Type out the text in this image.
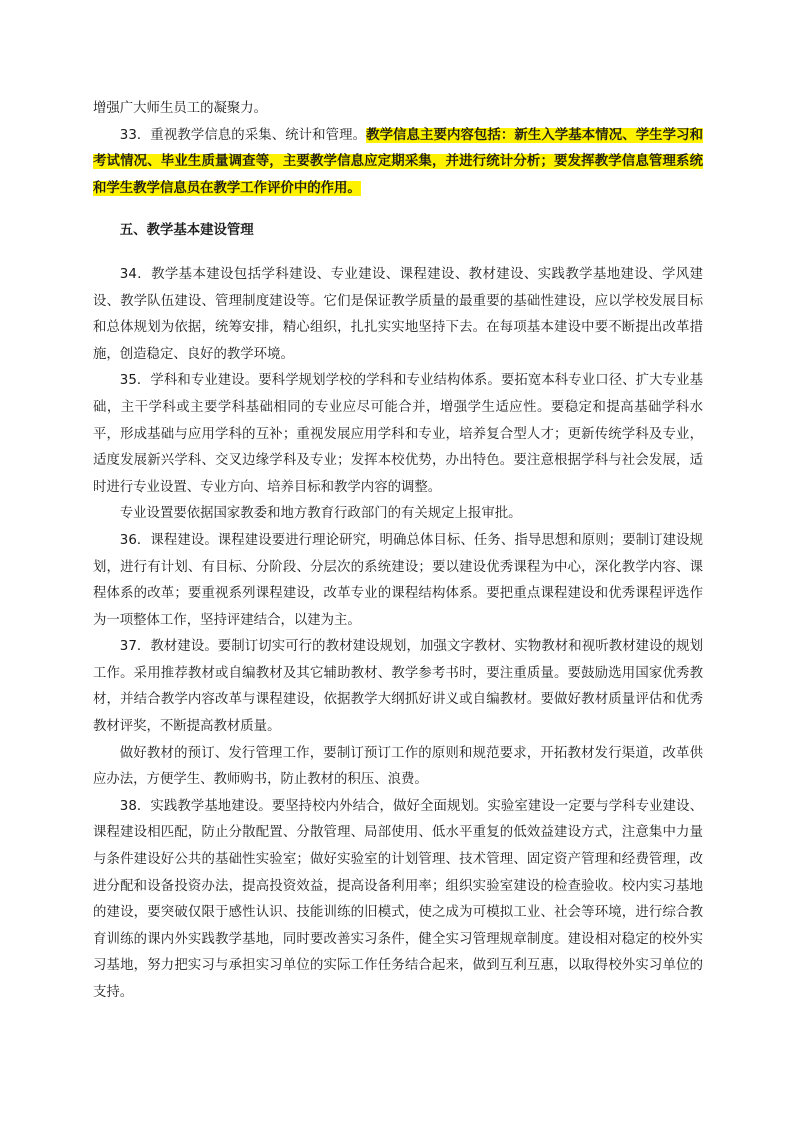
增强广大师生员工的凝聚力。

33．重视教学信息的采集、统计和管理。教学信息主要内容包括：新生入学基本情况、学生学习和考试情况、毕业生质量调查等，主要教学信息应定期采集，并进行统计分析；要发挥教学信息管理系统和学生教学信息员在教学工作评价中的作用。

五、教学基本建设管理

34．教学基本建设包括学科建设、专业建设、课程建设、教材建设、实践教学基地建设、学风建设、教学队伍建设、管理制度建设等。它们是保证教学质量的最重要的基础性建设，应以学校发展目标和总体规划为依据，统筹安排，精心组织，扎扎实实地坚持下去。在每项基本建设中要不断提出改革措施，创造稳定、良好的教学环境。

35．学科和专业建设。要科学规划学校的学科和专业结构体系。要拓宽本科专业口径、扩大专业基础，主干学科或主要学科基础相同的专业应尽可能合并，增强学生适应性。要稳定和提高基础学科水平，形成基础与应用学科的互补；重视发展应用学科和专业，培养复合型人才；更新传统学科及专业，适度发展新兴学科、交叉边缘学科及专业；发挥本校优势，办出特色。要注意根据学科与社会发展，适时进行专业设置、专业方向、培养目标和教学内容的调整。

专业设置要依据国家教委和地方教育行政部门的有关规定上报审批。

36．课程建设。课程建设要进行理论研究，明确总体目标、任务、指导思想和原则；要制订建设规划，进行有计划、有目标、分阶段、分层次的系统建设；要以建设优秀课程为中心，深化教学内容、课程体系的改革；要重视系列课程建设，改革专业的课程结构体系。要把重点课程建设和优秀课程评选作为一项整体工作，坚持评建结合，以建为主。

37．教材建设。要制订切实可行的教材建设规划，加强文字教材、实物教材和视听教材建设的规划工作。采用推荐教材或自编教材及其它辅助教材、教学参考书时，要注重质量。要鼓励选用国家优秀教材，并结合教学内容改革与课程建设，依据教学大纲抓好讲义或自编教材。要做好教材质量评估和优秀教材评奖，不断提高教材质量。

做好教材的预订、发行管理工作，要制订预订工作的原则和规范要求，开拓教材发行渠道，改革供应办法，方便学生、教师购书，防止教材的积压、浪费。

38．实践教学基地建设。要坚持校内外结合，做好全面规划。实验室建设一定要与学科专业建设、课程建设相匹配，防止分散配置、分散管理、局部使用、低水平重复的低效益建设方式，注意集中力量与条件建设好公共的基础性实验室；做好实验室的计划管理、技术管理、固定资产管理和经费管理，改进分配和设备投资办法，提高投资效益，提高设备利用率；组织实验室建设的检查验收。校内实习基地的建设，要突破仅限于感性认识、技能训练的旧模式，使之成为可模拟工业、社会等环境，进行综合教育训练的课内外实践教学基地，同时要改善实习条件，健全实习管理规章制度。建设相对稳定的校外实习基地，努力把实习与承担实习单位的实际工作任务结合起来，做到互利互惠，以取得校外实习单位的支持。
